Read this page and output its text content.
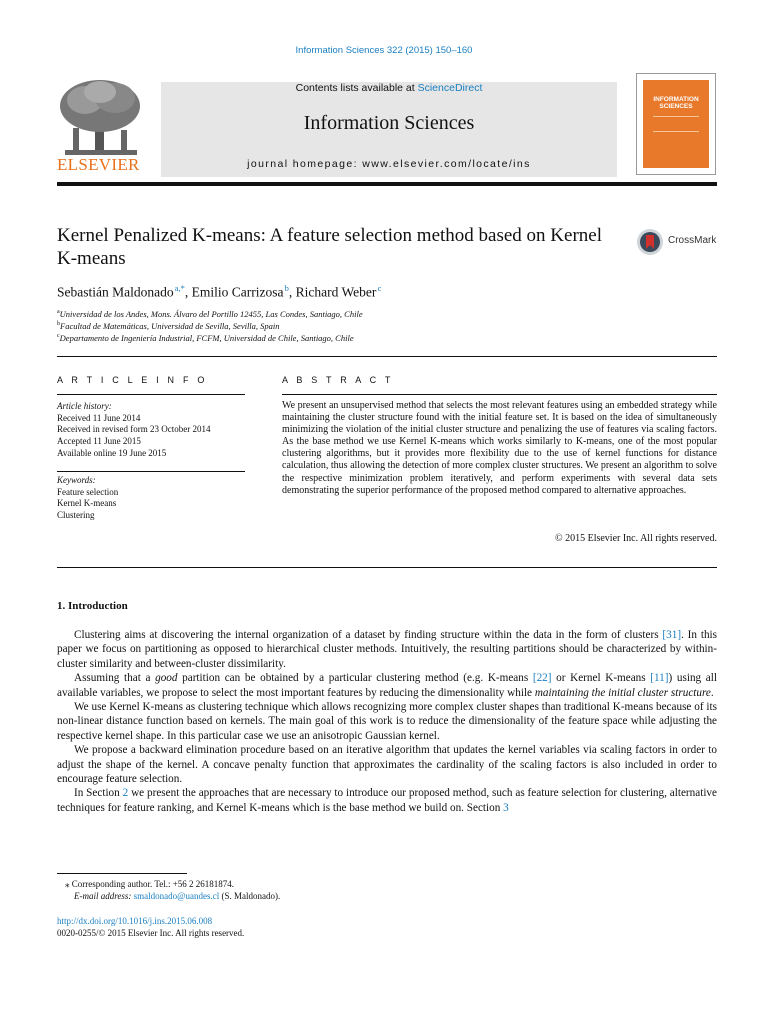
Information Sciences 322 (2015) 150–160
ELSEVIER
Contents lists available at ScienceDirect
Information Sciences
journal homepage: www.elsevier.com/locate/ins
INFORMATION SCIENCES
Kernel Penalized K-means: A feature selection method based on Kernel K-means
CrossMark
Sebastián Maldonado $^{a,*}$, Emilio Carrizosa $^b$, Richard Weber $^c$
$^a$Universidad de los Andes, Mons. Álvaro del Portillo 12455, Las Condes, Santiago, Chile
$^b$Facultad de Matemáticas, Universidad de Sevilla, Sevilla, Spain
$^c$Departamento de Ingeniería Industrial, FCFM, Universidad de Chile, Santiago, Chile
A R T I C L E I N F O	A B S T R A C T
Article history:
Received 11 June 2014
Received in revised form 23 October 2014
Accepted 11 June 2015
Available online 19 June 2015
Keywords:
Feature selection
Kernel K-means
Clustering
We present an unsupervised method that selects the most relevant features using an embedded strategy while maintaining the cluster structure found with the initial feature set. It is based on the idea of simultaneously minimizing the violation of the initial cluster structure and penalizing the use of features via scaling factors. As the base method we use Kernel K-means which works similarly to K-means, one of the most popular clustering algorithms, but it provides more flexibility due to the use of kernel functions for distance calculation, thus allowing the detection of more complex cluster structures. We present an algorithm to solve the respective minimization problem iteratively, and perform experiments with several data sets demonstrating the superior performance of the proposed method compared to alternative approaches.
© 2015 Elsevier Inc. All rights reserved.
1. Introduction

Clustering aims at discovering the internal organization of a dataset by finding structure within the data in the form of clusters [31]. In this paper we focus on partitioning as opposed to hierarchical cluster methods. Intuitively, the resulting partitions should be characterized by within-cluster similarity and between-cluster dissimilarity.

Assuming that a good partition can be obtained by a particular clustering method (e.g. K-means [22] or Kernel K-means [11]) using all available variables, we propose to select the most important features by reducing the dimensionality while maintaining the initial cluster structure.

We use Kernel K-means as clustering technique which allows recognizing more complex cluster shapes than traditional K-means because of its non-linear distance function based on kernels. The main goal of this work is to reduce the dimensionality of the feature space while adjusting the respective kernel shape. In this particular case we use an anisotropic Gaussian kernel.

We propose a backward elimination procedure based on an iterative algorithm that updates the kernel variables via scaling factors in order to adjust the shape of the kernel. A concave penalty function that approximates the cardinality of the scaling factors is also included in order to encourage feature selection.

In Section 2 we present the approaches that are necessary to introduce our proposed method, such as feature selection for clustering, alternative techniques for feature ranking, and Kernel K-means which is the base method we build on. Section 3

⁎ Corresponding author. Tel.: +56 2 26181874.
E-mail address: smaldonado@uandes.cl (S. Maldonado).
http://dx.doi.org/10.1016/j.ins.2015.06.008
0020-0255/© 2015 Elsevier Inc. All rights reserved.
